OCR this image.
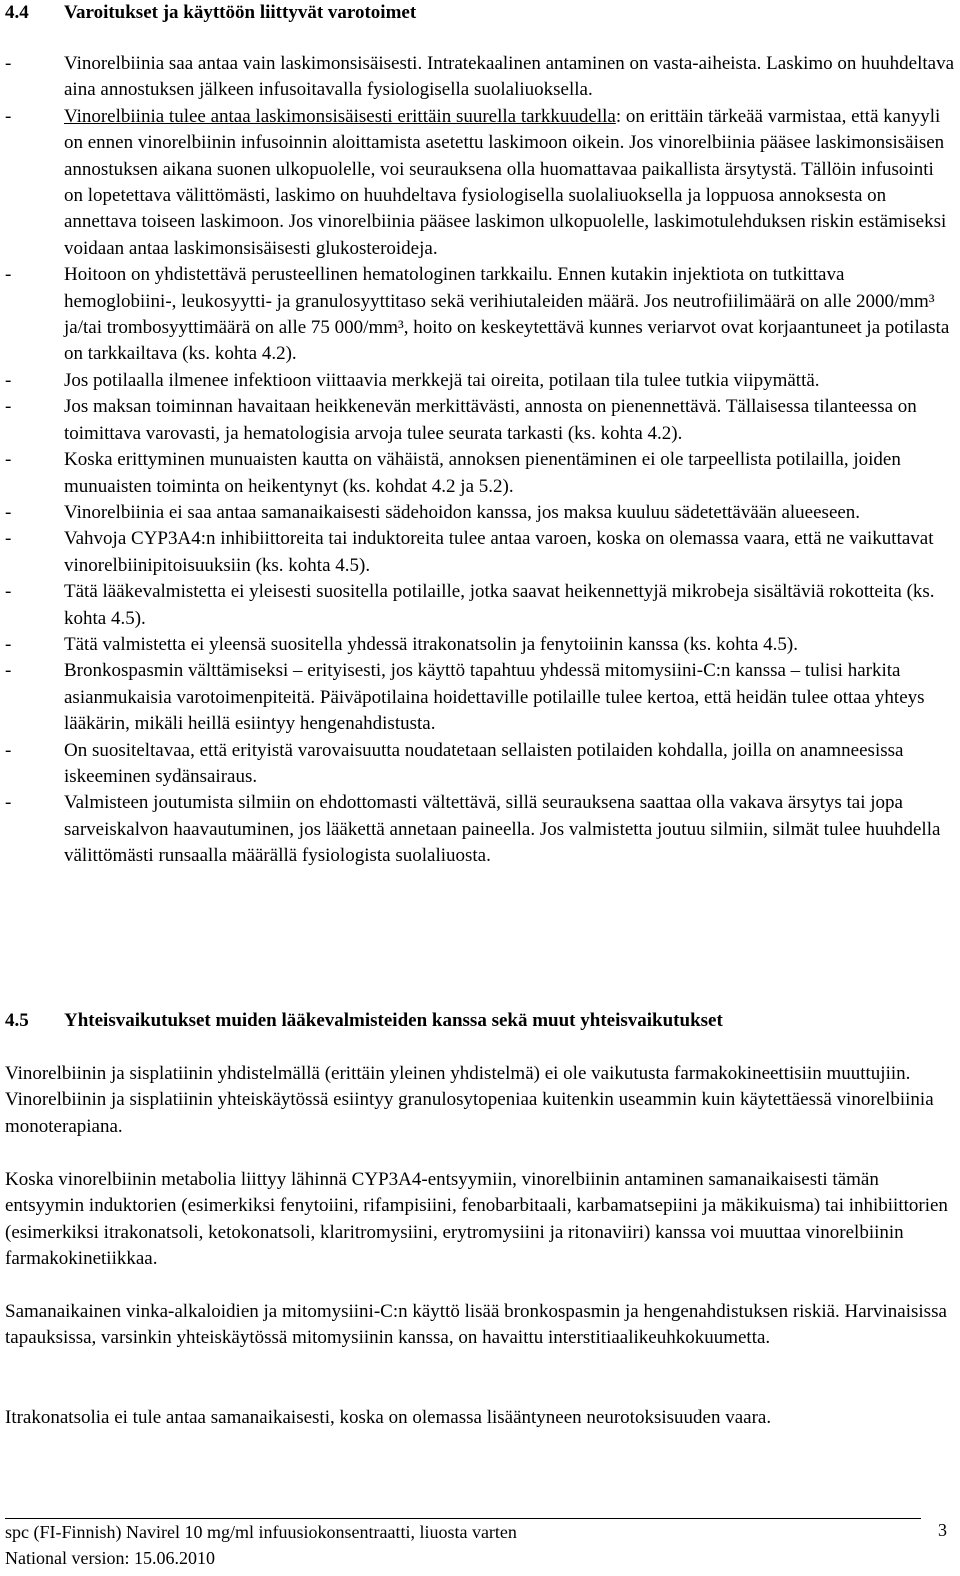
4.4 Varoitukset ja käyttöön liittyvät varotoimet
-	Vinorelbiinia saa antaa vain laskimonsisäisesti. Intratekaalinen antaminen on vasta-aiheista. Laskimo on huuhdeltava aina annostuksen jälkeen infusoitavalla fysiologisella suolaliuoksella.
-	Vinorelbiinia tulee antaa laskimonsisäisesti erittäin suurella tarkkuudella: on erittäin tärkeää varmistaa, että kanyyli on ennen vinorelbiinin infusoinnin aloittamista asetettu laskimoon oikein. Jos vinorelbiinia pääsee laskimonsisäisen annostuksen aikana suonen ulkopuolelle, voi seurauksena olla huomattavaa paikallista ärsytystä. Tällöin infusointi on lopetettava välittömästi, laskimo on huuhdeltava fysiologisella suolaliuoksella ja loppuosa annoksesta on annettava toiseen laskimoon. Jos vinorelbiinia pääsee laskimon ulkopuolelle, laskimotulehduksen riskin estämiseksi voidaan antaa laskimonsisäisesti glukosteroideja.
-	Hoitoon on yhdistettävä perusteellinen hematologinen tarkkailu. Ennen kutakin injektiota on tutkittava hemoglobiini-, leukosyytti- ja granulosyyttitaso sekä verihiutaleiden määrä. Jos neutrofiilimäärä on alle 2000/mm³ ja/tai trombosyyttimäärä on alle 75 000/mm³, hoito on keskeytettävä kunnes veriarvot ovat korjaantuneet ja potilasta on tarkkailtava (ks. kohta 4.2).
-	Jos potilaalla ilmenee infektioon viittaavia merkkejä tai oireita, potilaan tila tulee tutkia viipymättä.
-	Jos maksan toiminnan havaitaan heikkenevän merkittävästi, annosta on pienennettävä. Tällaisessa tilanteessa on toimittava varovasti, ja hematologisia arvoja tulee seurata tarkasti (ks. kohta 4.2).
-	Koska erittyminen munuaisten kautta on vähäistä, annoksen pienentäminen ei ole tarpeellista potilailla, joiden munuaisten toiminta on heikentynyt (ks. kohdat 4.2 ja 5.2).
-	Vinorelbiinia ei saa antaa samanaikaisesti sädehoidon kanssa, jos maksa kuuluu sädetettävään alueeseen.
-	Vahvoja CYP3A4:n inhibiittoreita tai induktoreita tulee antaa varoen, koska on olemassa vaara, että ne vaikuttavat vinorelbiinipitoisuuksiin (ks. kohta 4.5).
-	Tätä lääkevalmistetta ei yleisesti suositella potilaille, jotka saavat heikennettyjä mikrobeja sisältäviä rokotteita (ks. kohta 4.5).
-	Tätä valmistetta ei yleensä suositella yhdessä itrakonatsolin ja fenytoiinin kanssa (ks. kohta 4.5).
-	Bronkospasmin välttämiseksi – erityisesti, jos käyttö tapahtuu yhdessä mitomysiini-C:n kanssa – tulisi harkita asianmukaisia varotoimenpiteitä. Päiväpotilaina hoidettaville potilaille tulee kertoa, että heidän tulee ottaa yhteys lääkärin, mikäli heillä esiintyy hengenahdistusta.
-	On suositeltavaa, että erityistä varovaisuutta noudatetaan sellaisten potilaiden kohdalla, joilla on anamneesissa iskeeminen sydänsairaus.
-	Valmisteen joutumista silmiin on ehdottomasti vältettävä, sillä seurauksena saattaa olla vakava ärsytys tai jopa sarveiskalvon haavautuminen, jos lääkettä annetaan paineella. Jos valmistetta joutuu silmiin, silmät tulee huuhdella välittömästi runsaalla määrällä fysiologista suolaliuosta.
4.5 Yhteisvaikutukset muiden lääkevalmisteiden kanssa sekä muut yhteisvaikutukset

Vinorelbiinin ja sisplatiinin yhdistelmällä (erittäin yleinen yhdistelmä) ei ole vaikutusta farmakokineettisiin muuttujiin. Vinorelbiinin ja sisplatiinin yhteiskäytössä esiintyy granulosytopeniaa kuitenkin useammin kuin käytettäessä vinorelbiinia monoterapiana.

Koska vinorelbiinin metabolia liittyy lähinnä CYP3A4-entsyymiin, vinorelbiinin antaminen samanaikaisesti tämän entsyymin induktorien (esimerkiksi fenytoiini, rifampisiini, fenobarbitaali, karbamatsepiini ja mäkikuisma) tai inhibiittorien (esimerkiksi itrakonatsoli, ketokonatsoli, klaritromysiini, erytromysiini ja ritonaviiri) kanssa voi muuttaa vinorelbiinin farmakokinetiikkaa.

Samanaikainen vinka-alkaloidien ja mitomysiini-C:n käyttö lisää bronkospasmin ja hengenahdistuksen riskiä. Harvinaisissa tapauksissa, varsinkin yhteiskäytössä mitomysiinin kanssa, on havaittu interstitiaalikeuhkokuumetta.

Itrakonatsolia ei tule antaa samanaikaisesti, koska on olemassa lisääntyneen neurotoksisuuden vaara.

spc (FI-Finnish) Navirel 10 mg/ml infuusiokonsentraatti, liuosta varten
National version: 15.06.2010
3
